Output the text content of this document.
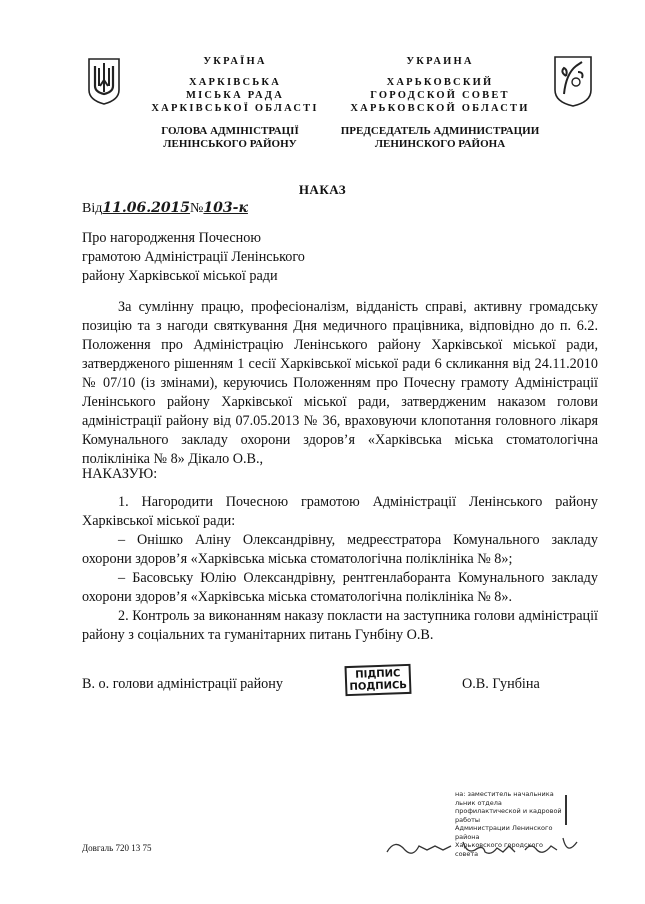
УКРАЇНА
ХАРКІВСЬКА
МІСЬКА РАДА
ХАРКІВСЬКОЇ ОБЛАСТІ
ГОЛОВА АДМІНІСТРАЦІЇ
ЛЕНІНСЬКОГО РАЙОНУ
УКРАИНА
ХАРЬКОВСКИЙ
ГОРОДСКОЙ СОВЕТ
ХАРЬКОВСКОЙ ОБЛАСТИ
ПРЕДСЕДАТЕЛЬ АДМИНИСТРАЦИИ
ЛЕНИНСКОГО РАЙОНА
НАКАЗ
Від11.06.2015№103-к
Про нагородження Почесною
грамотою Адміністрації Ленінського
району Харківської міської ради
За сумлінну працю, професіоналізм, відданість справі, активну громадську позицію та з нагоди святкування Дня медичного працівника, відповідно до п. 6.2. Положення про Адміністрацію Ленінського району Харківської міської ради, затвердженого рішенням 1 сесії Харківської міської ради 6 скликання від 24.11.2010 № 07/10 (із змінами), керуючись Положенням про Почесну грамоту Адміністрації Ленінського району Харківської міської ради, затвердженим наказом голови адміністрації району від 07.05.2013 № 36, враховуючи клопотання головного лікаря Комунального закладу охорони здоров’я «Харківська міська стоматологічна поліклініка № 8» Дікало О.В.,
НАКАЗУЮ:
1. Нагородити Почесною грамотою Адміністрації Ленінського району Харківської міської ради:
– Онішко Аліну Олександрівну, медреєстратора Комунального закладу охорони здоров’я «Харківська міська стоматологічна поліклініка № 8»;
– Басовську Юлію Олександрівну, рентгенлаборанта Комунального закладу охорони здоров’я «Харківська міська стоматологічна поліклініка № 8».
2. Контроль за виконанням наказу покласти на заступника голови адміністрації району з соціальних та гуманітарних питань Гунбіну О.В.
В. о. голови адміністрації району
ПІДПИС
ПОДПИСЬ	О.В. Гунбіна
на: заместитель начальника
льник отдела
профилактической и кадровой работы
Администрации Ленинского района
Харьковского городского совета
Довгаль 720 13 75
